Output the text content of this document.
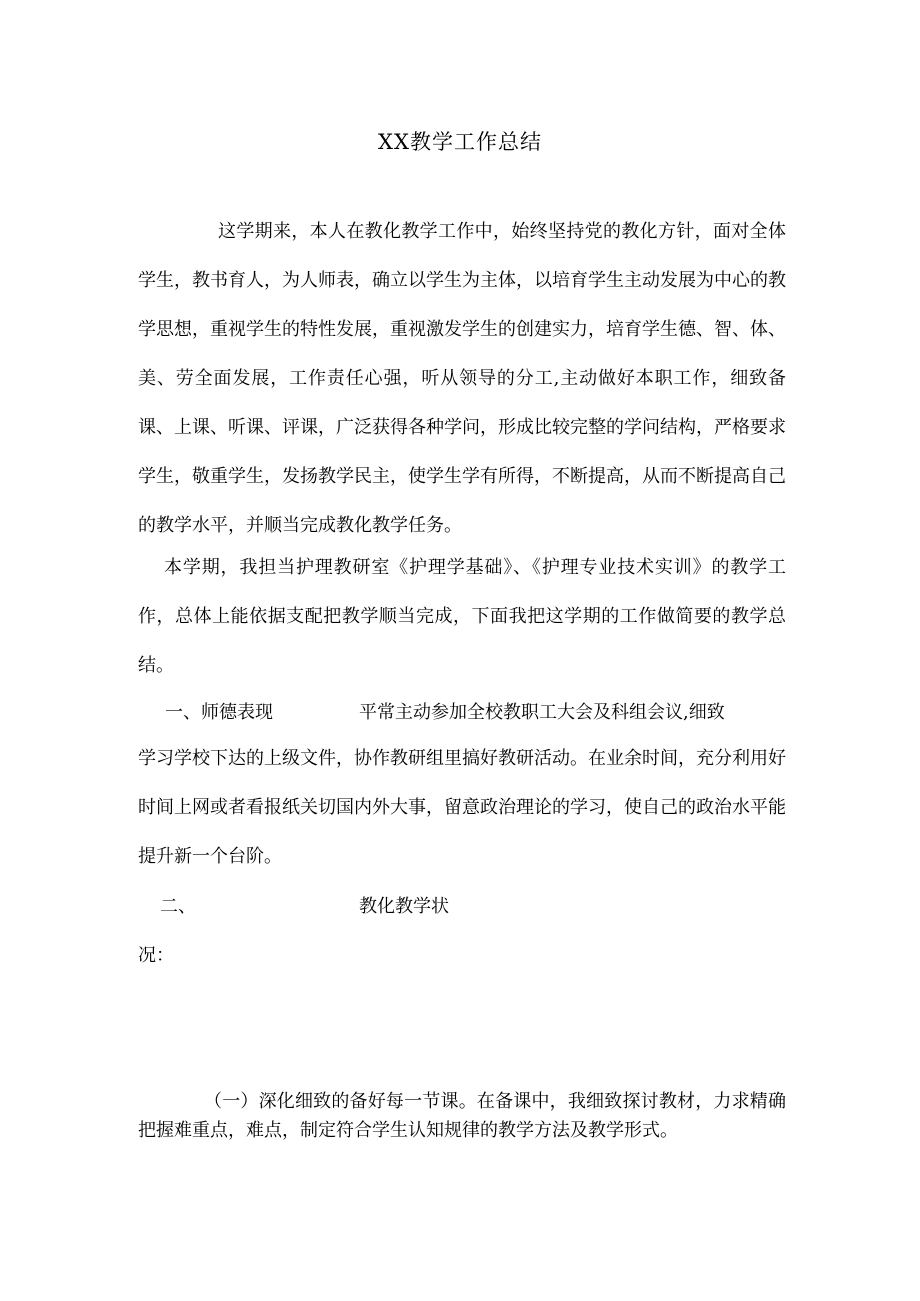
XX教学工作总结

这学期来，本人在教化教学工作中，始终坚持党的教化方针，面对全体学生，教书育人，为人师表，确立以学生为主体，以培育学生主动发展为中心的教学思想，重视学生的特性发展，重视激发学生的创建实力，培育学生德、智、体、美、劳全面发展，工作责任心强，听从领导的分工,主动做好本职工作，细致备课、上课、听课、评课，广泛获得各种学问，形成比较完整的学问结构，严格要求学生，敬重学生，发扬教学民主，使学生学有所得，不断提高，从而不断提高自己的教学水平，并顺当完成教化教学任务。

本学期，我担当护理教研室《护理学基础》、《护理专业技术实训》的教学工作，总体上能依据支配把教学顺当完成，下面我把这学期的工作做简要的教学总结。

一、师德表现	平常主动参加全校教职工大会及科组会议,细致

学习学校下达的上级文件，协作教研组里搞好教研活动。在业余时间，充分利用好时间上网或者看报纸关切国内外大事，留意政治理论的学习，使自己的政治水平能提升新一个台阶。

二、	教化教学状
况：

（一）深化细致的备好每一节课。在备课中，我细致探讨教材，力求精确把握难重点，难点，制定符合学生认知规律的教学方法及教学形式。
